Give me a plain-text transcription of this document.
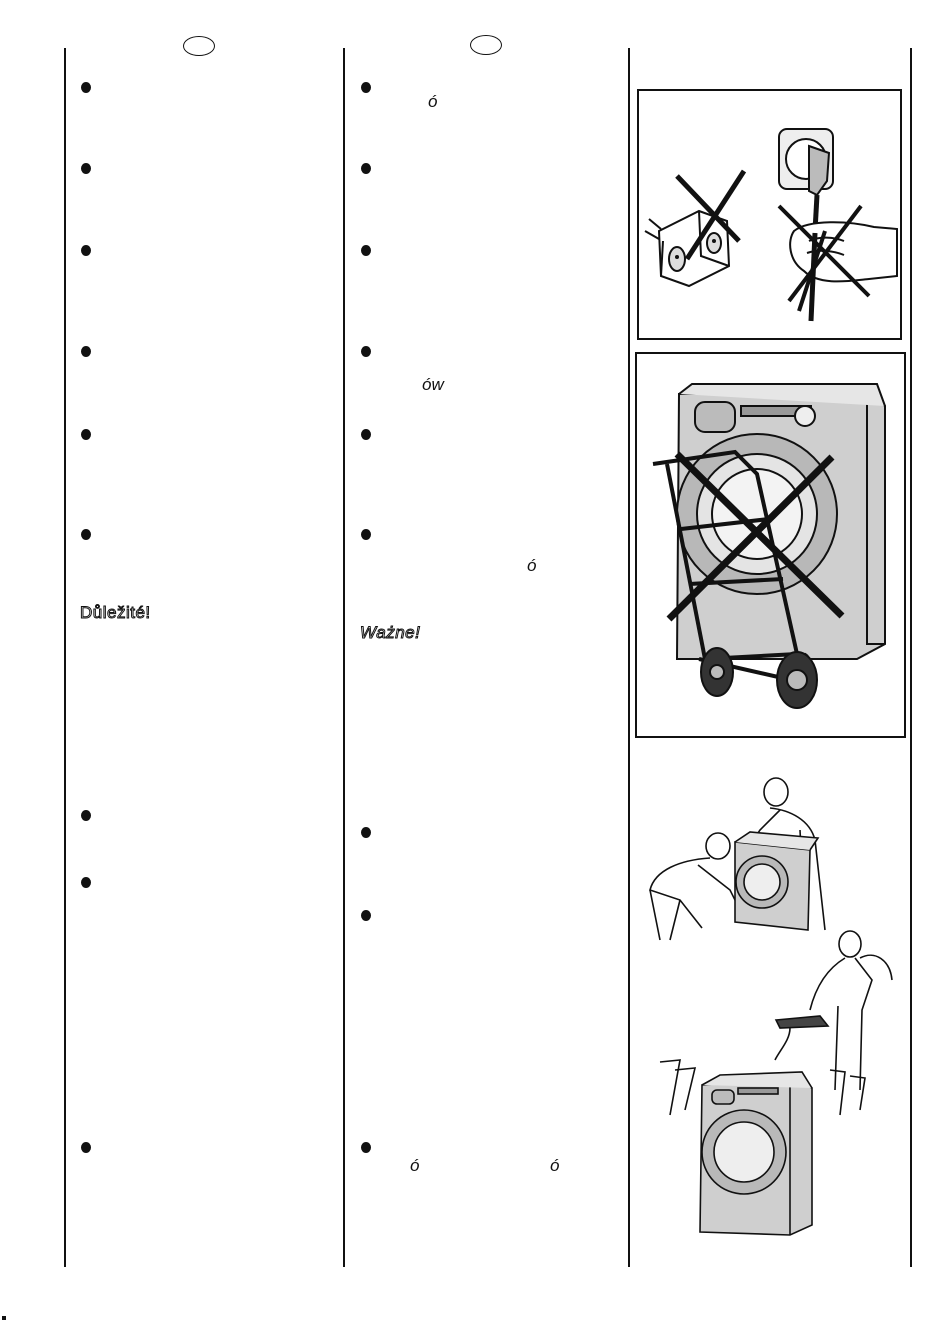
Důležité!
ó
ów
ó
ó	ó
Ważne!
